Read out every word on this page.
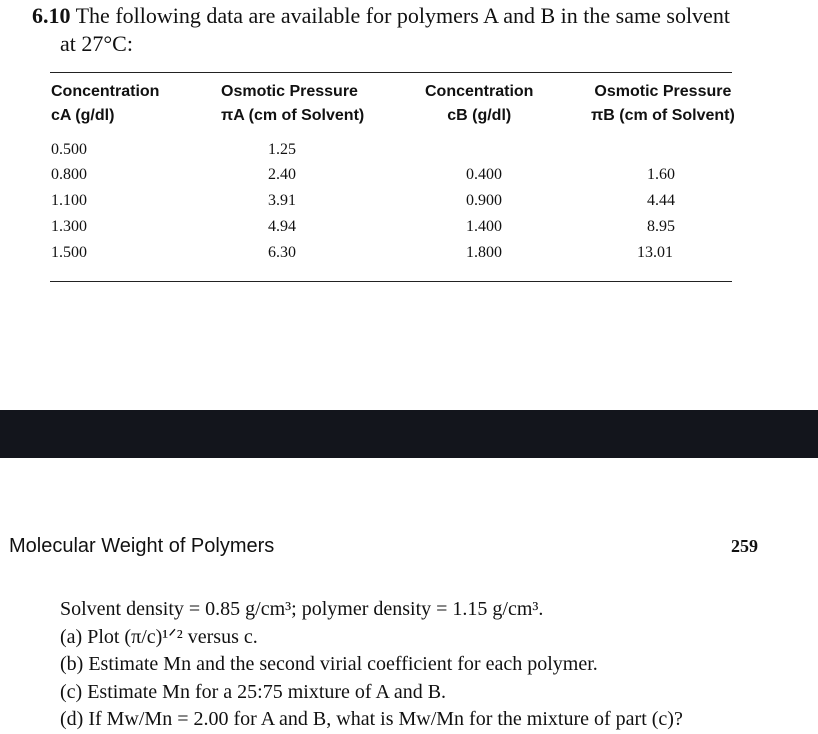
6.10 The following data are available for polymers A and B in the same solvent
at 27°C:
Concentration
cA (g/dl)
Osmotic Pressure
πA (cm of Solvent)
Concentration
cB (g/dl)
Osmotic Pressure
πB (cm of Solvent)
0.500
0.800
1.100
1.300
1.500
1.25
2.40
3.91
4.94
6.30
0.400
0.900
1.400
1.800
1.60
4.44
8.95
13.01
Molecular Weight of Polymers	259
Solvent density = 0.85 g/cm³; polymer density = 1.15 g/cm³.
(a) Plot (π/c)¹ᐟ² versus c.
(b) Estimate Mn and the second virial coefficient for each polymer.
(c) Estimate Mn for a 25:75 mixture of A and B.
(d) If Mw/Mn = 2.00 for A and B, what is Mw/Mn for the mixture of part (c)?
